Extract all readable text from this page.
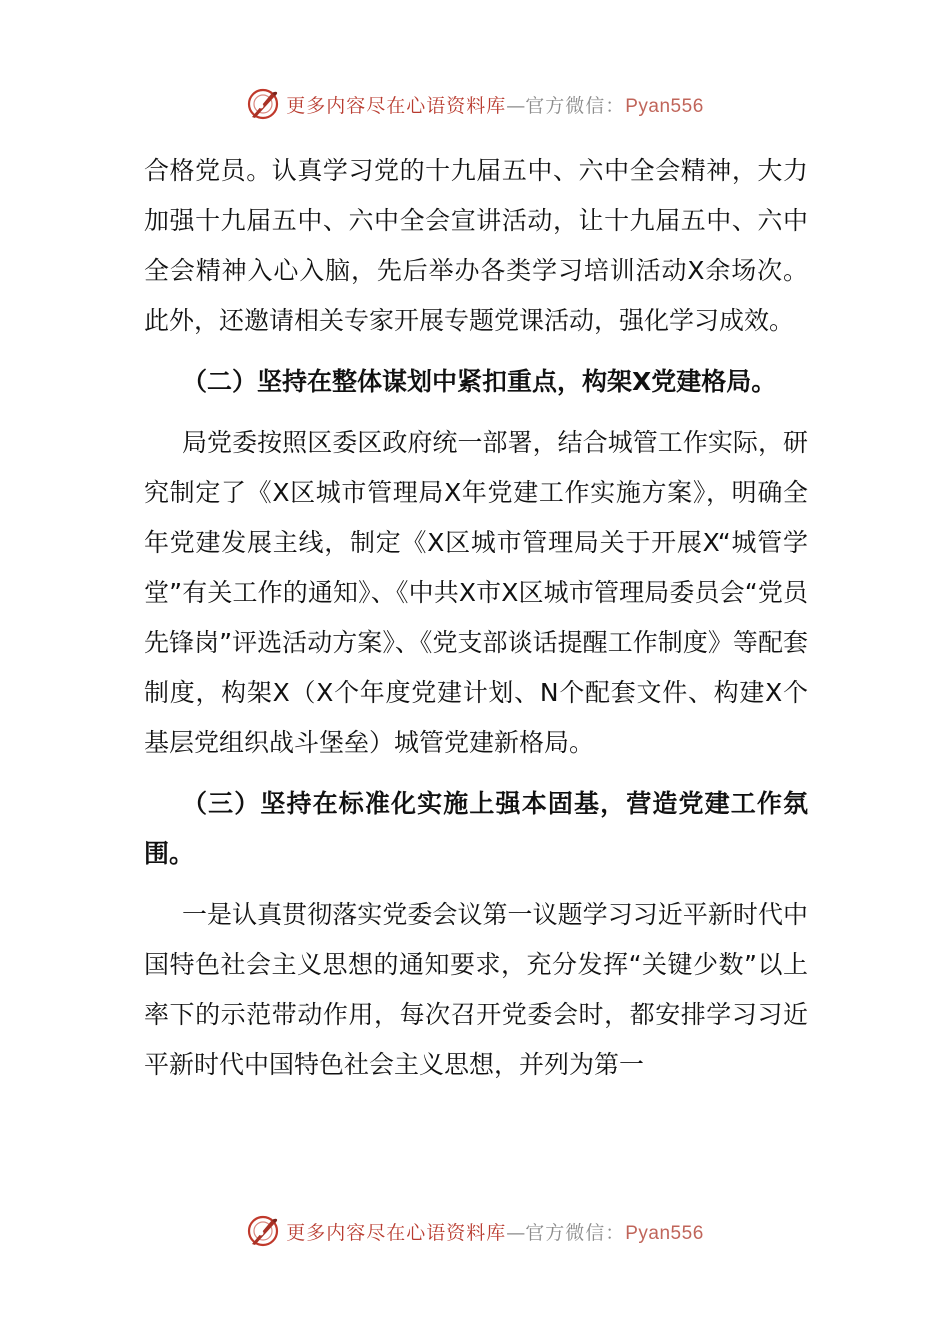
更多内容尽在心语资料库—官方微信：Pyan556

合格党员。认真学习党的十九届五中、六中全会精神，大力加强十九届五中、六中全会宣讲活动，让十九届五中、六中全会精神入心入脑，先后举办各类学习培训活动X余场次。此外，还邀请相关专家开展专题党课活动，强化学习成效。

（二）坚持在整体谋划中紧扣重点，构架X党建格局。

局党委按照区委区政府统一部署，结合城管工作实际，研究制定了《X区城市管理局X年党建工作实施方案》，明确全年党建发展主线，制定《X区城市管理局关于开展X“城管学堂”有关工作的通知》、《中共X市X区城市管理局委员会“党员先锋岗”评选活动方案》、《党支部谈话提醒工作制度》等配套制度，构架X（X个年度党建计划、N个配套文件、构建X个基层党组织战斗堡垒）城管党建新格局。

（三）坚持在标准化实施上强本固基，营造党建工作氛围。

一是认真贯彻落实党委会议第一议题学习习近平新时代中国特色社会主义思想的通知要求，充分发挥“关键少数”以上率下的示范带动作用，每次召开党委会时，都安排学习习近平新时代中国特色社会主义思想，并列为第一

更多内容尽在心语资料库—官方微信：Pyan556
